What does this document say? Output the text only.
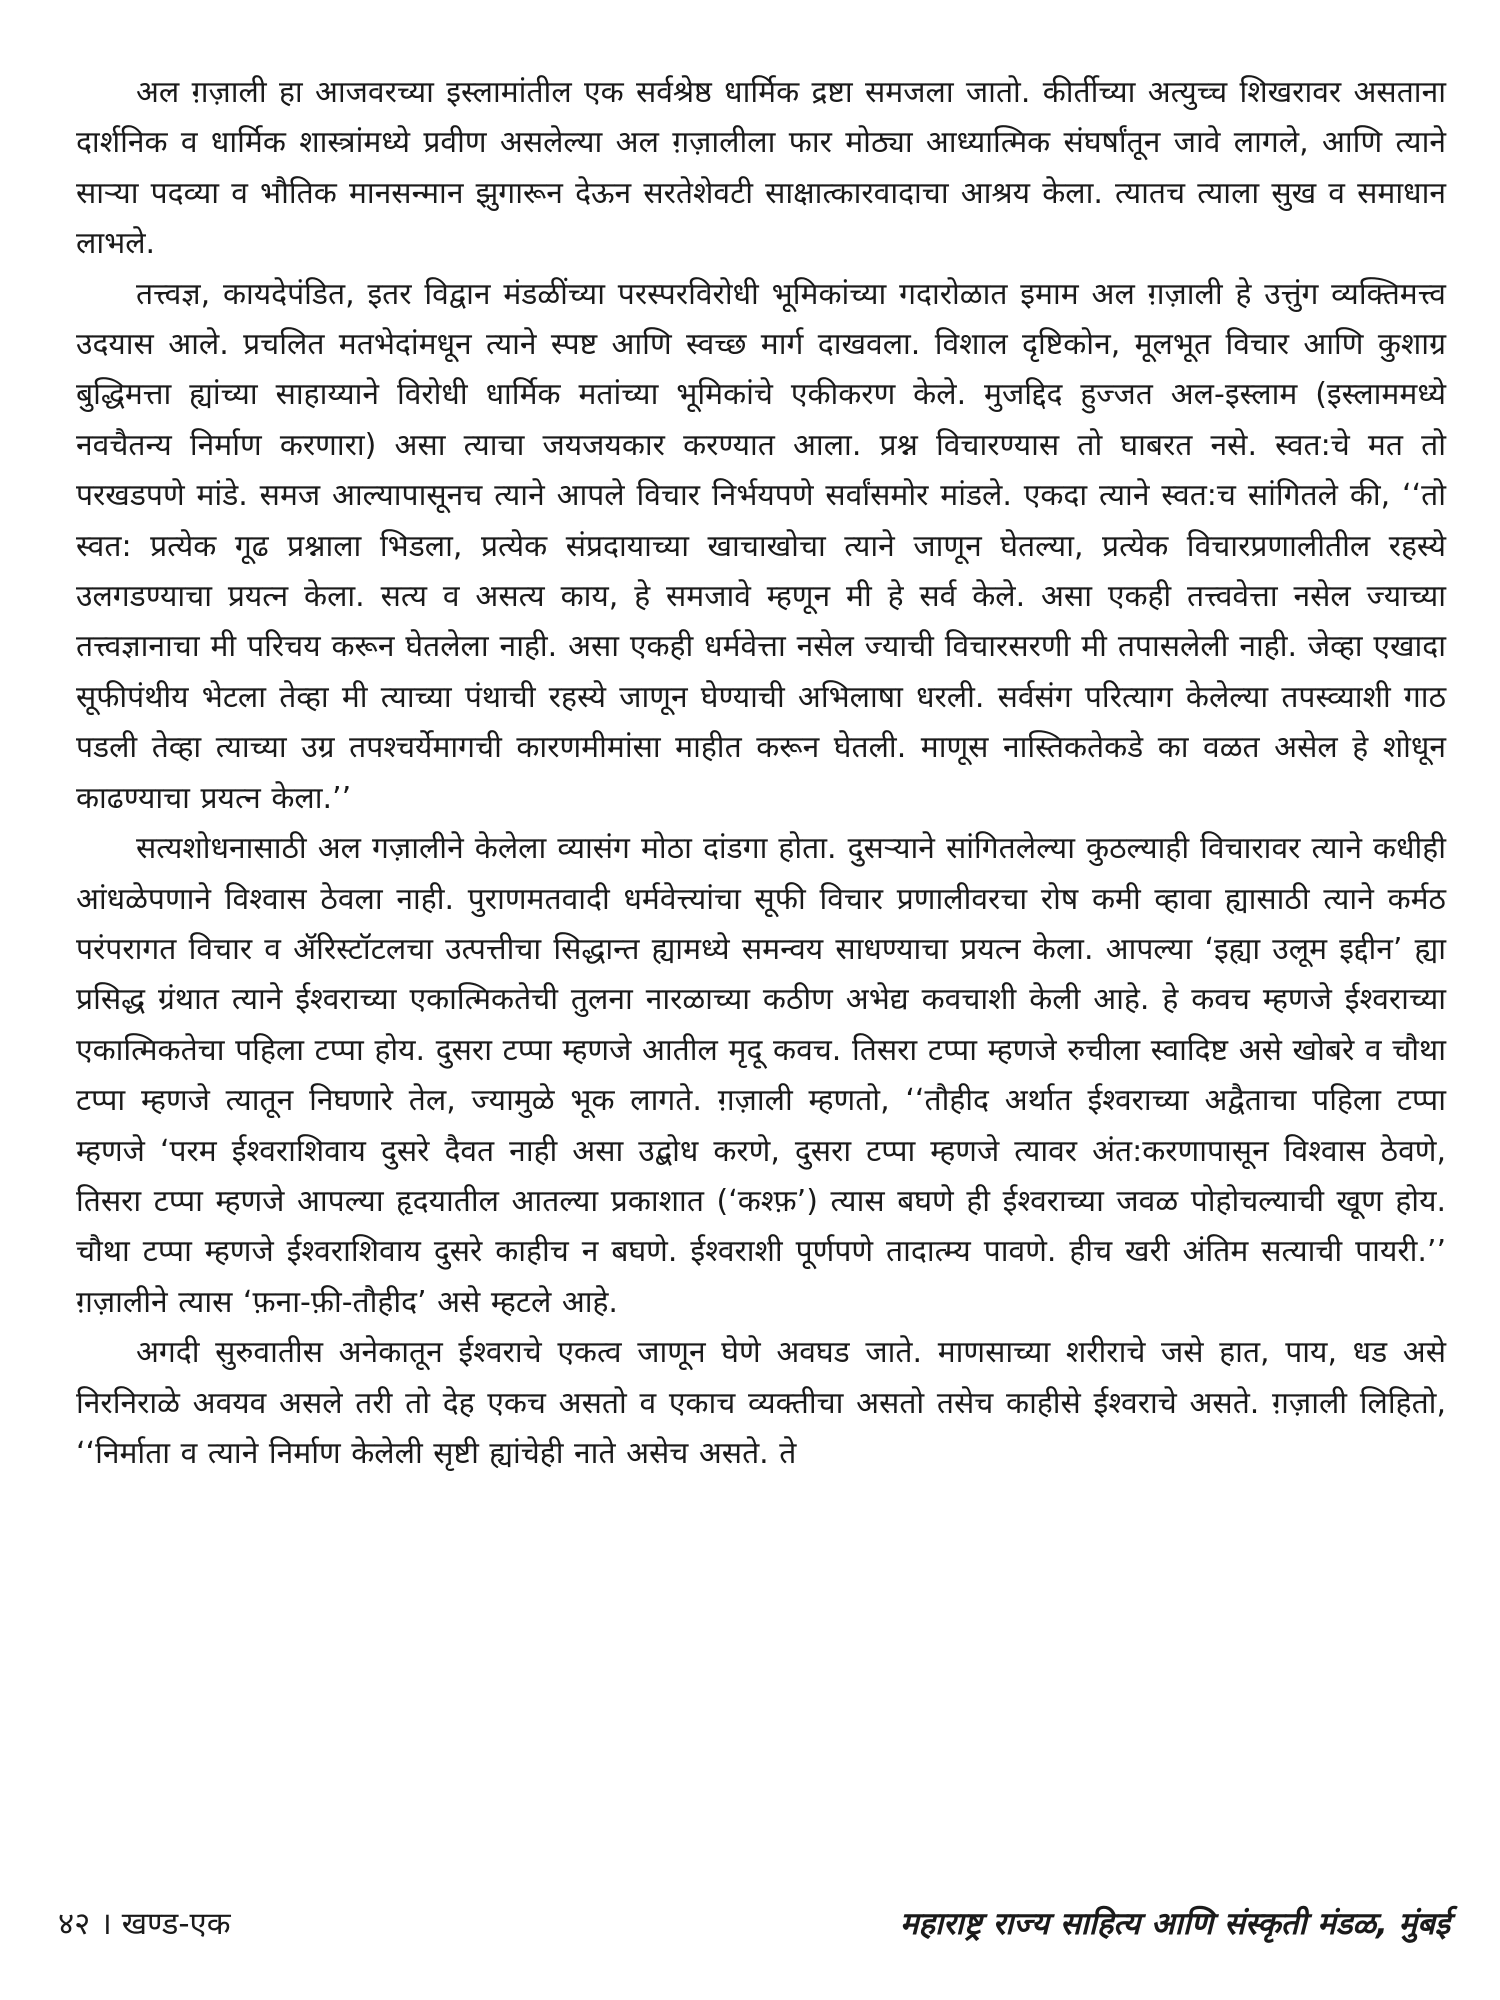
अल ग़ज़ाली हा आजवरच्या इस्लामांतील एक सर्वश्रेष्ठ धार्मिक द्रष्टा समजला जातो. कीर्तीच्या अत्युच्च शिखरावर असताना दार्शनिक व धार्मिक शास्त्रांमध्ये प्रवीण असलेल्या अल ग़ज़ालीला फार मोठ्या आध्यात्मिक संघर्षांतून जावे लागले, आणि त्याने साऱ्या पदव्या व भौतिक मानसन्मान झुगारून देऊन सरतेशेवटी साक्षात्कारवादाचा आश्रय केला. त्यातच त्याला सुख व समाधान लाभले.

तत्त्वज्ञ, कायदेपंडित, इतर विद्वान मंडळींच्या परस्परविरोधी भूमिकांच्या गदारोळात इमाम अल ग़ज़ाली हे उत्तुंग व्यक्तिमत्त्व उदयास आले. प्रचलित मतभेदांमधून त्याने स्पष्ट आणि स्वच्छ मार्ग दाखवला. विशाल दृष्टिकोन, मूलभूत विचार आणि कुशाग्र बुद्धिमत्ता ह्यांच्या साहाय्याने विरोधी धार्मिक मतांच्या भूमिकांचे एकीकरण केले. मुजद्दिद हुज्जत अल-इस्लाम (इस्लाममध्ये नवचैतन्य निर्माण करणारा) असा त्याचा जयजयकार करण्यात आला. प्रश्न विचारण्यास तो घाबरत नसे. स्वत:चे मत तो परखडपणे मांडे. समज आल्यापासूनच त्याने आपले विचार निर्भयपणे सर्वांसमोर मांडले. एकदा त्याने स्वत:च सांगितले की, ‘‘तो स्वत: प्रत्येक गूढ प्रश्नाला भिडला, प्रत्येक संप्रदायाच्या खाचाखोचा त्याने जाणून घेतल्या, प्रत्येक विचारप्रणालीतील रहस्ये उलगडण्याचा प्रयत्न केला. सत्य व असत्य काय, हे समजावे म्हणून मी हे सर्व केले. असा एकही तत्त्ववेत्ता नसेल ज्याच्या तत्त्वज्ञानाचा मी परिचय करून घेतलेला नाही. असा एकही धर्मवेत्ता नसेल ज्याची विचारसरणी मी तपासलेली नाही. जेव्हा एखादा सूफीपंथीय भेटला तेव्हा मी त्याच्या पंथाची रहस्ये जाणून घेण्याची अभिलाषा धरली. सर्वसंग परित्याग केलेल्या तपस्व्याशी गाठ पडली तेव्हा त्याच्या उग्र तपश्चर्येमागची कारणमीमांसा माहीत करून घेतली. माणूस नास्तिकतेकडे का वळत असेल हे शोधून काढण्याचा प्रयत्न केला.’’

सत्यशोधनासाठी अल गज़ालीने केलेला व्यासंग मोठा दांडगा होता. दुसऱ्याने सांगितलेल्या कुठल्याही विचारावर त्याने कधीही आंधळेपणाने विश्वास ठेवला नाही. पुराणमतवादी धर्मवेत्त्यांचा सूफी विचार प्रणालीवरचा रोष कमी व्हावा ह्यासाठी त्याने कर्मठ परंपरागत विचार व ॲरिस्टॉटलचा उत्पत्तीचा सिद्धान्त ह्यामध्ये समन्वय साधण्याचा प्रयत्न केला. आपल्या ‘इह्या उलूम इद्दीन’ ह्या प्रसिद्ध ग्रंथात त्याने ईश्वराच्या एकात्मिकतेची तुलना नारळाच्या कठीण अभेद्य कवचाशी केली आहे. हे कवच म्हणजे ईश्वराच्या एकात्मिकतेचा पहिला टप्पा होय. दुसरा टप्पा म्हणजे आतील मृदू कवच. तिसरा टप्पा म्हणजे रुचीला स्वादिष्ट असे खोबरे व चौथा टप्पा म्हणजे त्यातून निघणारे तेल, ज्यामुळे भूक लागते. ग़ज़ाली म्हणतो, ‘‘तौहीद अर्थात ईश्वराच्या अद्वैताचा पहिला टप्पा म्हणजे ‘परम ईश्वराशिवाय दुसरे दैवत नाही असा उद्बोध करणे, दुसरा टप्पा म्हणजे त्यावर अंत:करणापासून विश्वास ठेवणे, तिसरा टप्पा म्हणजे आपल्या हृदयातील आतल्या प्रकाशात (‘कश्फ़’) त्यास बघणे ही ईश्वराच्या जवळ पोहोचल्याची खूण होय. चौथा टप्पा म्हणजे ईश्वराशिवाय दुसरे काहीच न बघणे. ईश्वराशी पूर्णपणे तादात्म्य पावणे. हीच खरी अंतिम सत्याची पायरी.’’ ग़ज़ालीने त्यास ‘फ़ना-फ़ी-तौहीद’ असे म्हटले आहे.

अगदी सुरुवातीस अनेकातून ईश्वराचे एकत्व जाणून घेणे अवघड जाते. माणसाच्या शरीराचे जसे हात, पाय, धड असे निरनिराळे अवयव असले तरी तो देह एकच असतो व एकाच व्यक्तीचा असतो तसेच काहीसे ईश्वराचे असते. ग़ज़ाली लिहितो, ‘‘निर्माता व त्याने निर्माण केलेली सृष्टी ह्यांचेही नाते असेच असते. ते

४२ । खण्ड-एक	महाराष्ट्र राज्य साहित्य आणि संस्कृती मंडळ, मुंबई
